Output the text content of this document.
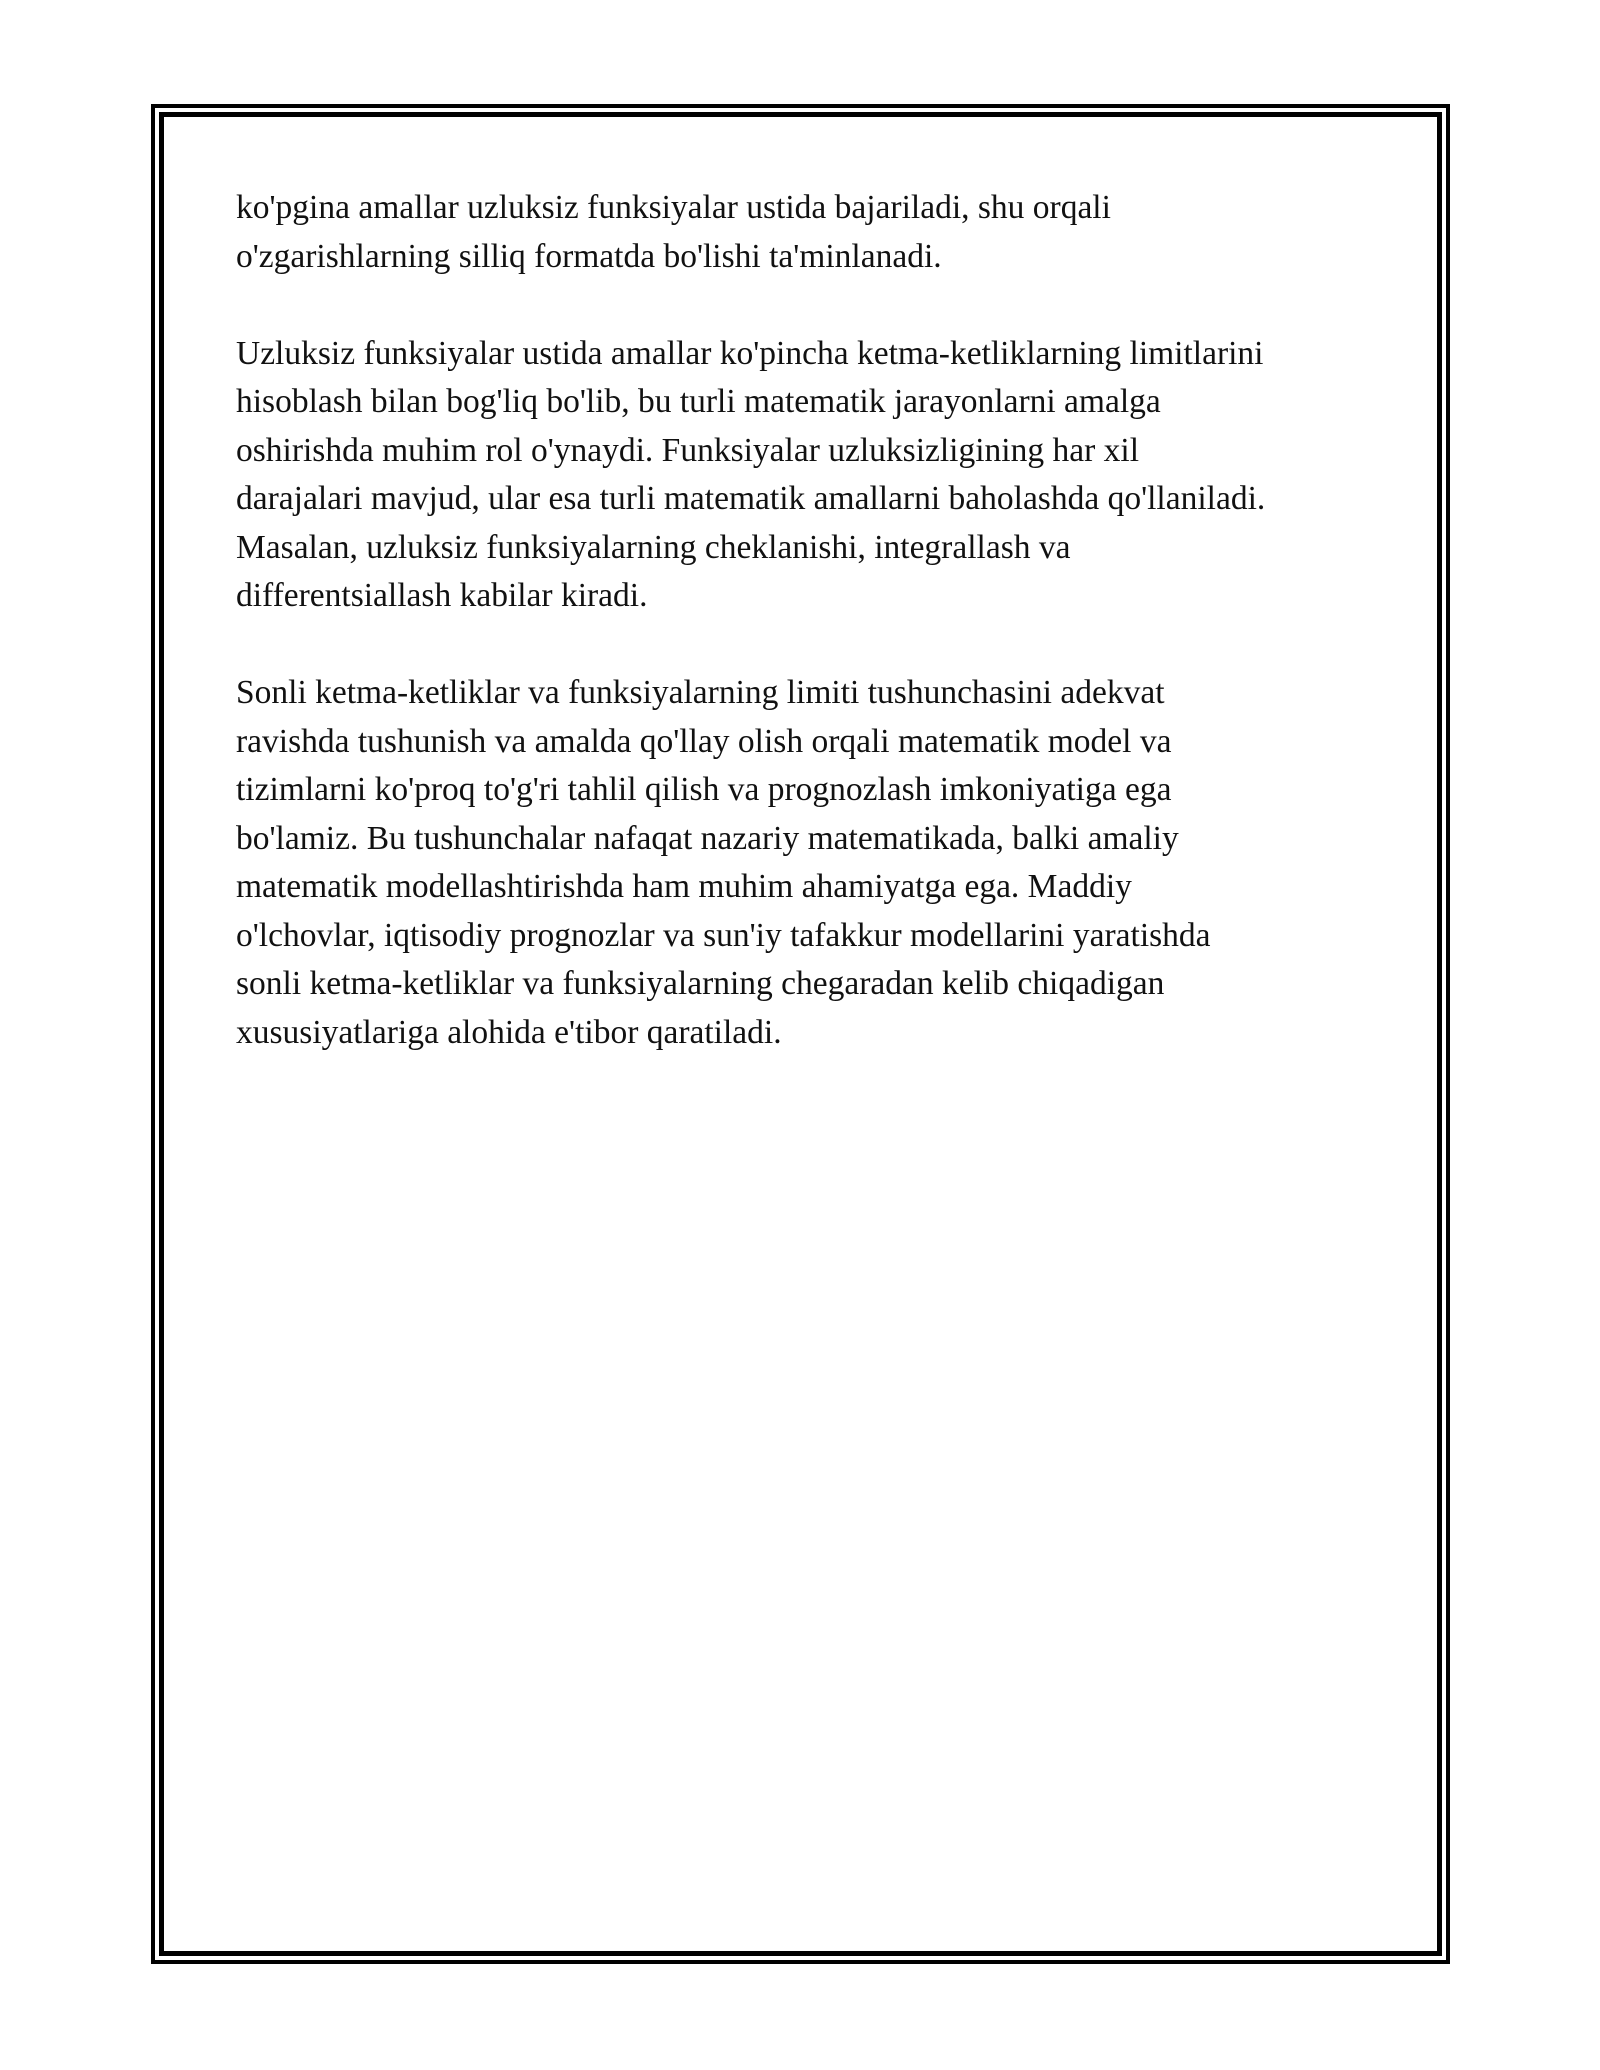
ko'pgina amallar uzluksiz funksiyalar ustida bajariladi, shu orqali
o'zgarishlarning silliq formatda bo'lishi ta'minlanadi.

Uzluksiz funksiyalar ustida amallar ko'pincha ketma-ketliklarning limitlarini
hisoblash bilan bog'liq bo'lib, bu turli matematik jarayonlarni amalga
oshirishda muhim rol o'ynaydi. Funksiyalar uzluksizligining har xil
darajalari mavjud, ular esa turli matematik amallarni baholashda qo'llaniladi.
Masalan, uzluksiz funksiyalarning cheklanishi, integrallash va
differentsiallash kabilar kiradi.

Sonli ketma-ketliklar va funksiyalarning limiti tushunchasini adekvat
ravishda tushunish va amalda qo'llay olish orqali matematik model va
tizimlarni ko'proq to'g'ri tahlil qilish va prognozlash imkoniyatiga ega
bo'lamiz. Bu tushunchalar nafaqat nazariy matematikada, balki amaliy
matematik modellashtirishda ham muhim ahamiyatga ega. Maddiy
o'lchovlar, iqtisodiy prognozlar va sun'iy tafakkur modellarini yaratishda
sonli ketma-ketliklar va funksiyalarning chegaradan kelib chiqadigan
xususiyatlariga alohida e'tibor qaratiladi.
